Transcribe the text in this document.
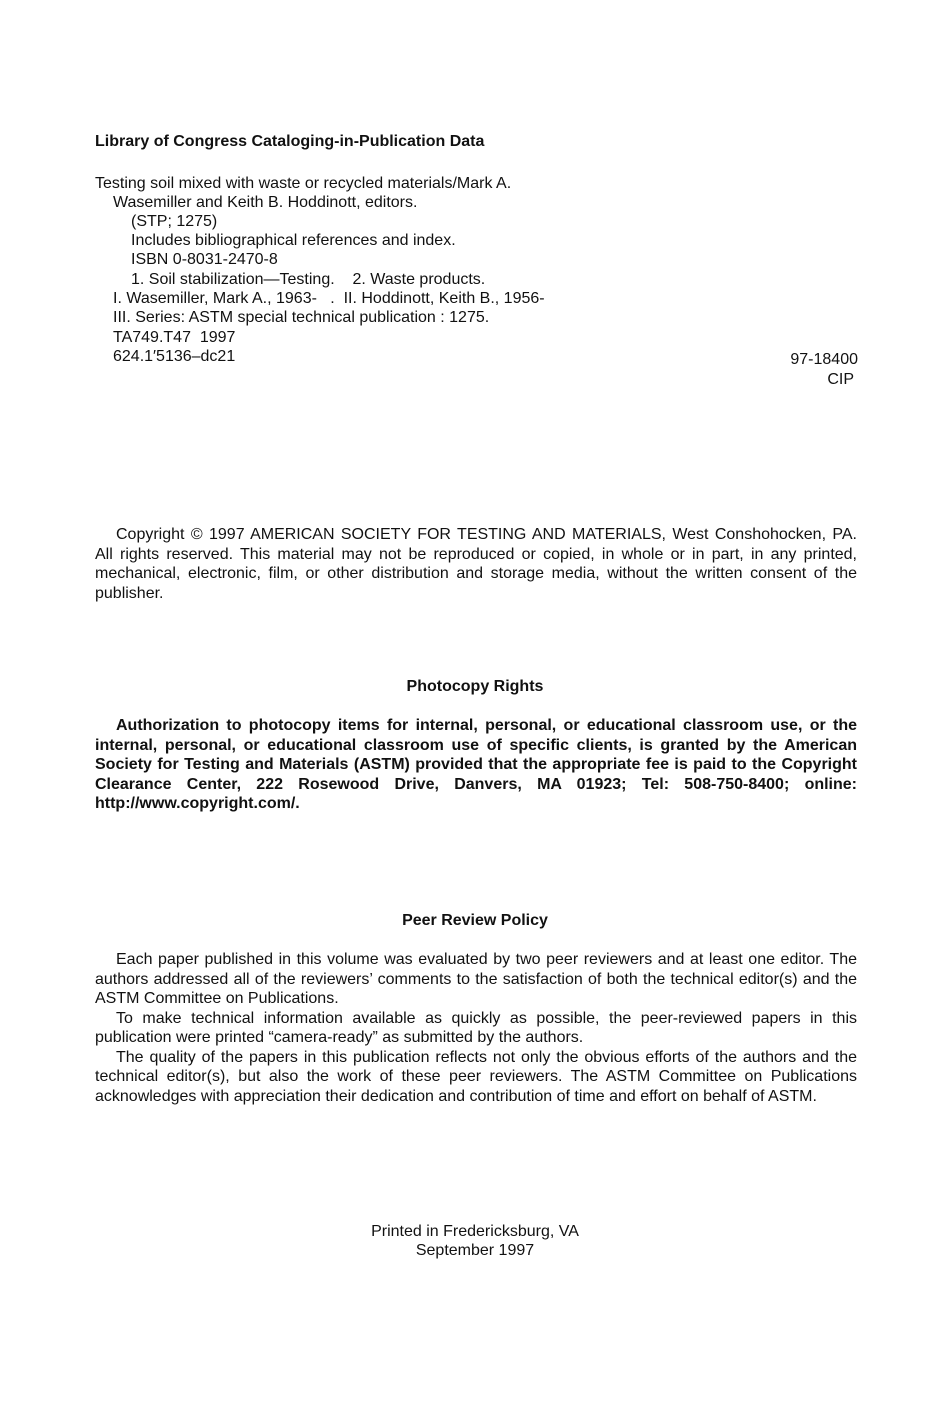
Library of Congress Cataloging-in-Publication Data
Testing soil mixed with waste or recycled materials/Mark A.
Wasemiller and Keith B. Hoddinott, editors.
(STP; 1275)
Includes bibliographical references and index.
ISBN 0-8031-2470-8
1. Soil stabilization—Testing.    2. Waste products.
I. Wasemiller, Mark A., 1963-   .  II. Hoddinott, Keith B., 1956-
III. Series: ASTM special technical publication : 1275.
TA749.T47  1997
624.1′5136–dc21	97-18400
CIP
Copyright © 1997 AMERICAN SOCIETY FOR TESTING AND MATERIALS, West Conshohocken, PA. All rights reserved. This material may not be reproduced or copied, in whole or in part, in any printed, mechanical, electronic, film, or other distribution and storage media, without the written consent of the publisher.
Photocopy Rights
Authorization to photocopy items for internal, personal, or educational classroom use, or the internal, personal, or educational classroom use of specific clients, is granted by the American Society for Testing and Materials (ASTM) provided that the appropriate fee is paid to the Copyright Clearance Center, 222 Rosewood Drive, Danvers, MA 01923; Tel: 508-750-8400; online: http://www.copyright.com/.
Peer Review Policy

Each paper published in this volume was evaluated by two peer reviewers and at least one editor. The authors addressed all of the reviewers’ comments to the satisfaction of both the technical editor(s) and the ASTM Committee on Publications.

To make technical information available as quickly as possible, the peer-reviewed papers in this publication were printed “camera-ready” as submitted by the authors.

The quality of the papers in this publication reflects not only the obvious efforts of the authors and the technical editor(s), but also the work of these peer reviewers. The ASTM Committee on Publications acknowledges with appreciation their dedication and contribution of time and effort on behalf of ASTM.

Printed in Fredericksburg, VA
September 1997
